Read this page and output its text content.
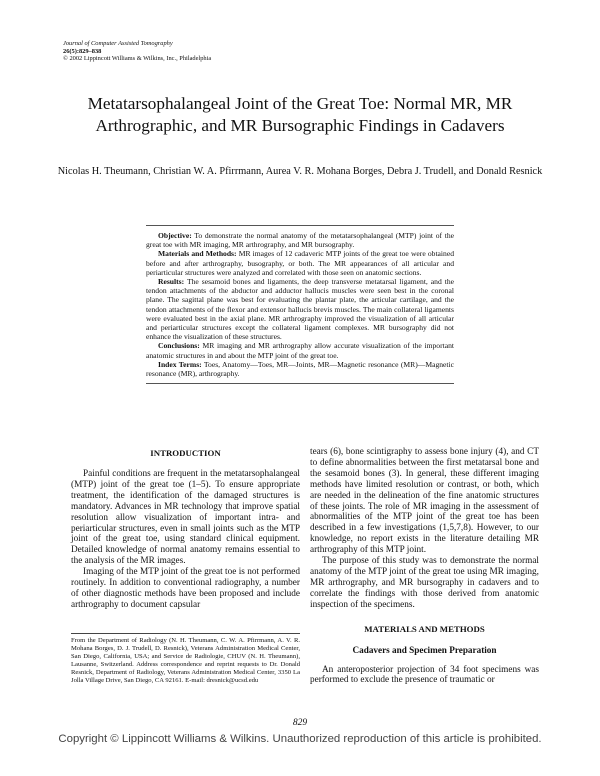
Journal of Computer Assisted Tomography
26(5):829–838
© 2002 Lippincott Williams & Wilkins, Inc., Philadelphia
Metatarsophalangeal Joint of the Great Toe: Normal MR, MR Arthrographic, and MR Bursographic Findings in Cadavers
Nicolas H. Theumann, Christian W. A. Pfirrmann, Aurea V. R. Mohana Borges, Debra J. Trudell, and Donald Resnick

Objective: To demonstrate the normal anatomy of the metatarsophalangeal (MTP) joint of the great toe with MR imaging, MR arthrography, and MR bursography.

Materials and Methods: MR images of 12 cadaveric MTP joints of the great toe were obtained before and after arthrography, busography, or both. The MR appearances of all articular and periarticular structures were analyzed and correlated with those seen on anatomic sections.

Results: The sesamoid bones and ligaments, the deep transverse metatarsal ligament, and the tendon attachments of the abductor and adductor hallucis muscles were seen best in the coronal plane. The sagittal plane was best for evaluating the plantar plate, the articular cartilage, and the tendon attachments of the flexor and extensor hallucis brevis muscles. The main collateral ligaments were evaluated best in the axial plane. MR arthrography improved the visualization of all articular and periarticular structures except the collateral ligament complexes. MR bursography did not enhance the visualization of these structures.

Conclusions: MR imaging and MR arthrography allow accurate visualization of the important anatomic structures in and about the MTP joint of the great toe.

Index Terms: Toes, Anatomy—Toes, MR—Joints, MR—Magnetic resonance (MR)—Magnetic resonance (MR), arthrography.

INTRODUCTION

Painful conditions are frequent in the metatarsophalangeal (MTP) joint of the great toe (1–5). To ensure appropriate treatment, the identification of the damaged structures is mandatory. Advances in MR technology that improve spatial resolution allow visualization of important intra- and periarticular structures, even in small joints such as the MTP joint of the great toe, using standard clinical equipment. Detailed knowledge of normal anatomy remains essential to the analysis of the MR images.

Imaging of the MTP joint of the great toe is not performed routinely. In addition to conventional radiography, a number of other diagnostic methods have been proposed and include arthrography to document capsular

tears (6), bone scintigraphy to assess bone injury (4), and CT to define abnormalities between the first metatarsal bone and the sesamoid bones (3). In general, these different imaging methods have limited resolution or contrast, or both, which are needed in the delineation of the fine anatomic structures of these joints. The role of MR imaging in the assessment of abnormalities of the MTP joint of the great toe has been described in a few investigations (1,5,7,8). However, to our knowledge, no report exists in the literature detailing MR arthrography of this MTP joint.

The purpose of this study was to demonstrate the normal anatomy of the MTP joint of the great toe using MR imaging, MR arthrography, and MR bursography in cadavers and to correlate the findings with those derived from anatomic inspection of the specimens.

MATERIALS AND METHODS
Cadavers and Specimen Preparation

An anteroposterior projection of 34 foot specimens was performed to exclude the presence of traumatic or

From the Department of Radiology (N. H. Theumann, C. W. A. Pfirrmann, A. V. R. Mohana Borges, D. J. Trudell, D. Resnick), Veterans Administration Medical Center, San Diego, California, USA; and Service de Radiologie, CHUV (N. H. Theumann), Lausanne, Switzerland. Address correspondence and reprint requests to Dr. Donald Resnick, Department of Radiology, Veterans Administration Medical Center, 3350 La Jolla Village Drive, San Diego, CA 92161. E-mail: dresnick@ucsd.edu
829
Copyright © Lippincott Williams & Wilkins. Unauthorized reproduction of this article is prohibited.
